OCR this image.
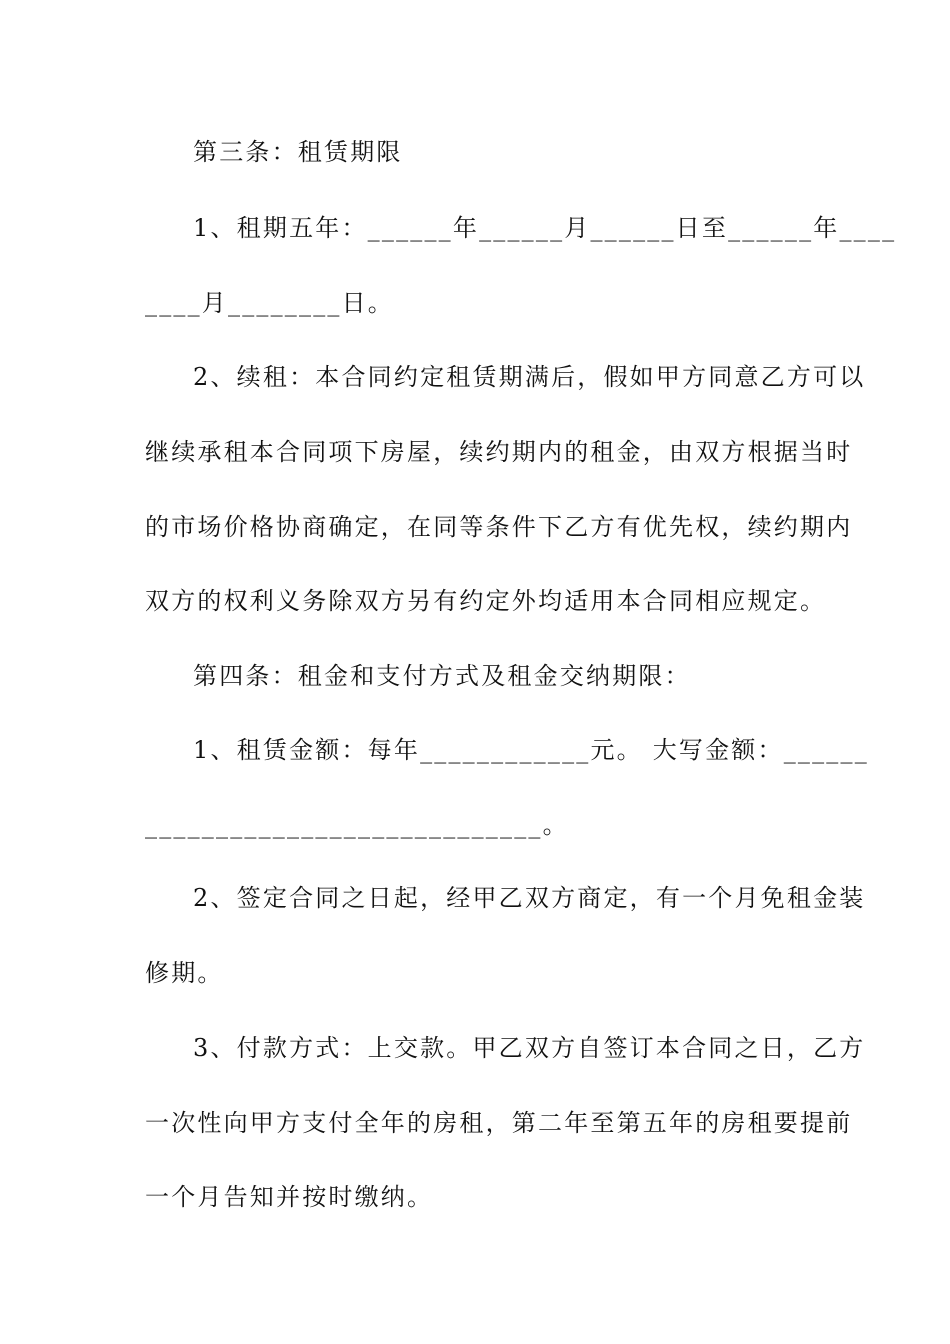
第三条：租赁期限
1、租期五年：______年______月______日至______年____
____月________日。
2、续租：本合同约定租赁期满后，假如甲方同意乙方可以
继续承租本合同项下房屋，续约期内的租金，由双方根据当时
的市场价格协商确定，在同等条件下乙方有优先权，续约期内
双方的权利义务除双方另有约定外均适用本合同相应规定。
第四条：租金和支付方式及租金交纳期限：
1、租赁金额：每年____________元。 大写金额：______
____________________________。
2、签定合同之日起，经甲乙双方商定，有一个月免租金装
修期。
3、付款方式：上交款。甲乙双方自签订本合同之日，乙方
一次性向甲方支付全年的房租，第二年至第五年的房租要提前
一个月告知并按时缴纳。
